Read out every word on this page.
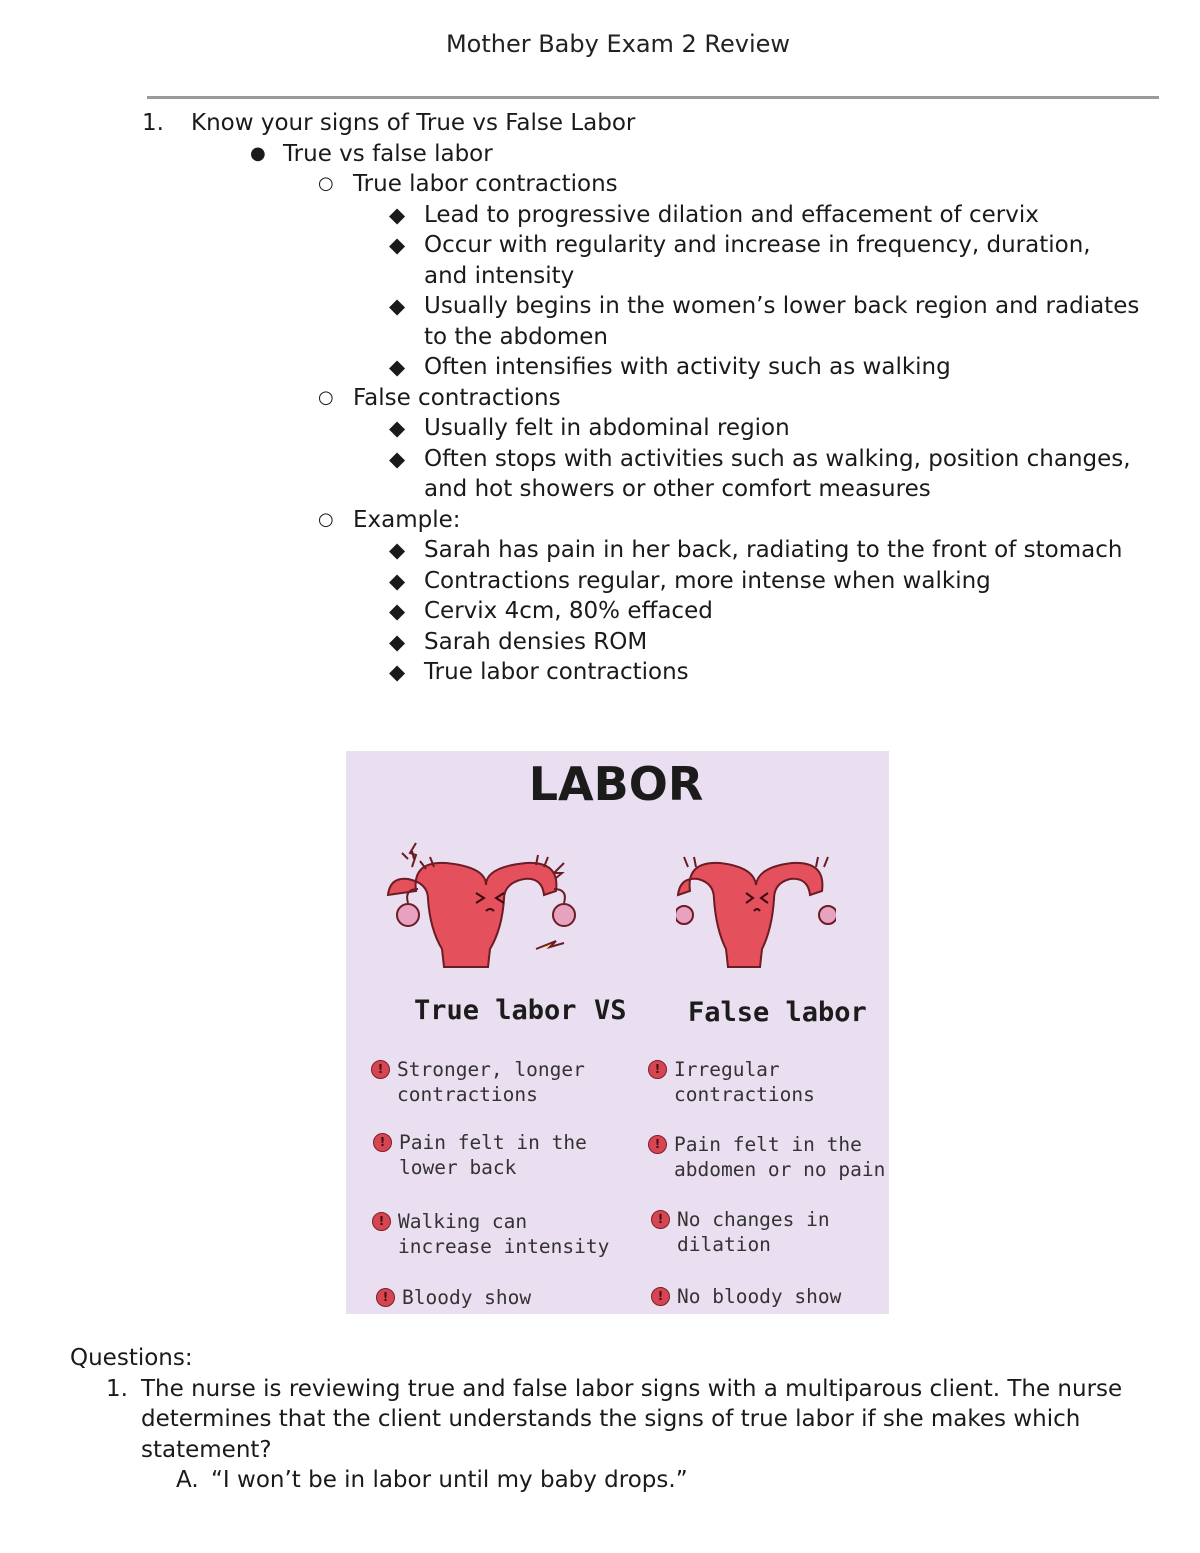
Mother Baby Exam 2 Review
1. Know your signs of True vs False Labor
● True vs false labor
○ True labor contractions
◆ Lead to progressive dilation and effacement of cervix
◆ Occur with regularity and increase in frequency, duration, and intensity
◆ Usually begins in the women’s lower back region and radiates to the abdomen
◆ Often intensifies with activity such as walking
○ False contractions
◆ Usually felt in abdominal region
◆ Often stops with activities such as walking, position changes, and hot showers or other comfort measures
○ Example:
◆ Sarah has pain in her back, radiating to the front of stomach
◆ Contractions regular, more intense when walking
◆ Cervix 4cm, 80% effaced
◆ Sarah densies ROM
◆ True labor contractions
LABOR
True labor VS False labor
! Stronger, longer contractions
! Pain felt in the lower back
! Walking can increase intensity
! Bloody show
! Irregular contractions
! Pain felt in the abdomen or no pain
! No changes in dilation
! No bloody show
Questions:
1. The nurse is reviewing true and false labor signs with a multiparous client. The nurse determines that the client understands the signs of true labor if she makes which statement?
A. “I won’t be in labor until my baby drops.”
